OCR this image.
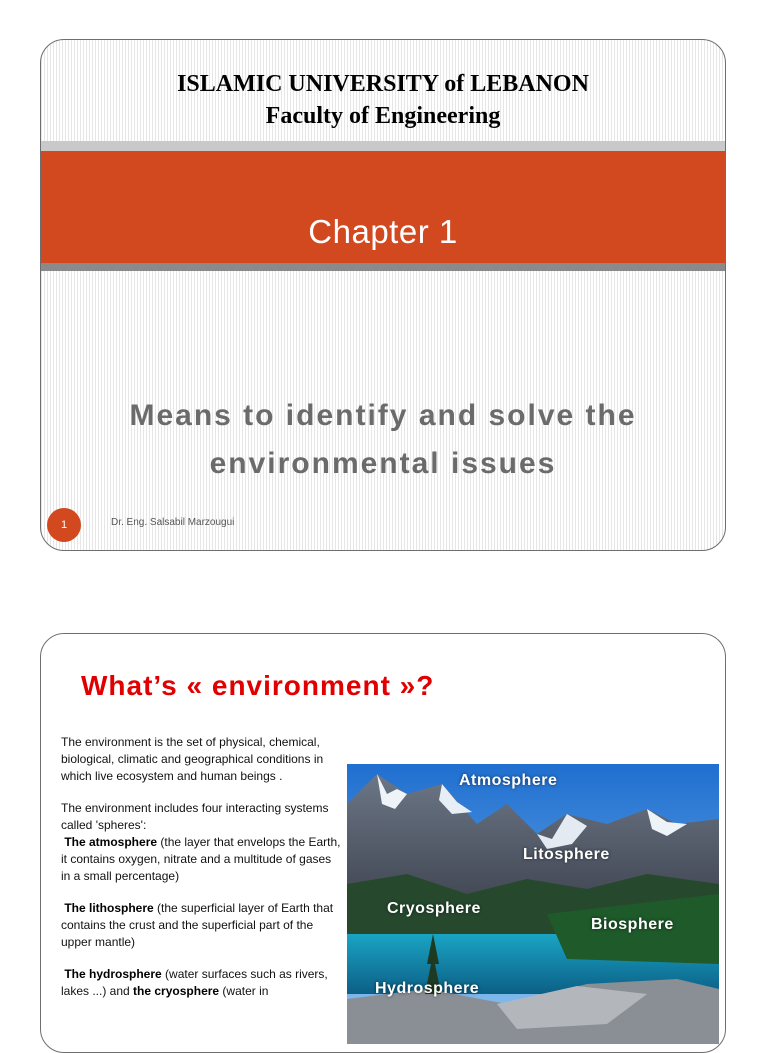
ISLAMIC UNIVERSITY of LEBANON
Faculty of Engineering
Chapter 1
Means to identify and solve the environmental issues
1	Dr. Eng. Salsabil Marzougui
What’s « environment »?

The environment is the set of physical, chemical, biological, climatic and geographical conditions in which live ecosystem and human beings .

The environment includes four interacting systems called 'spheres':

The atmosphere (the layer that envelops the Earth, it contains oxygen, nitrate and a multitude of gases in a small percentage)

The lithosphere (the superficial layer of Earth that contains the crust and the superficial part of the upper mantle)

The hydrosphere (water surfaces such as rivers, lakes ...) and the cryosphere (water in

Atmosphere
Litosphere
Cryosphere
Biosphere
Hydrosphere
